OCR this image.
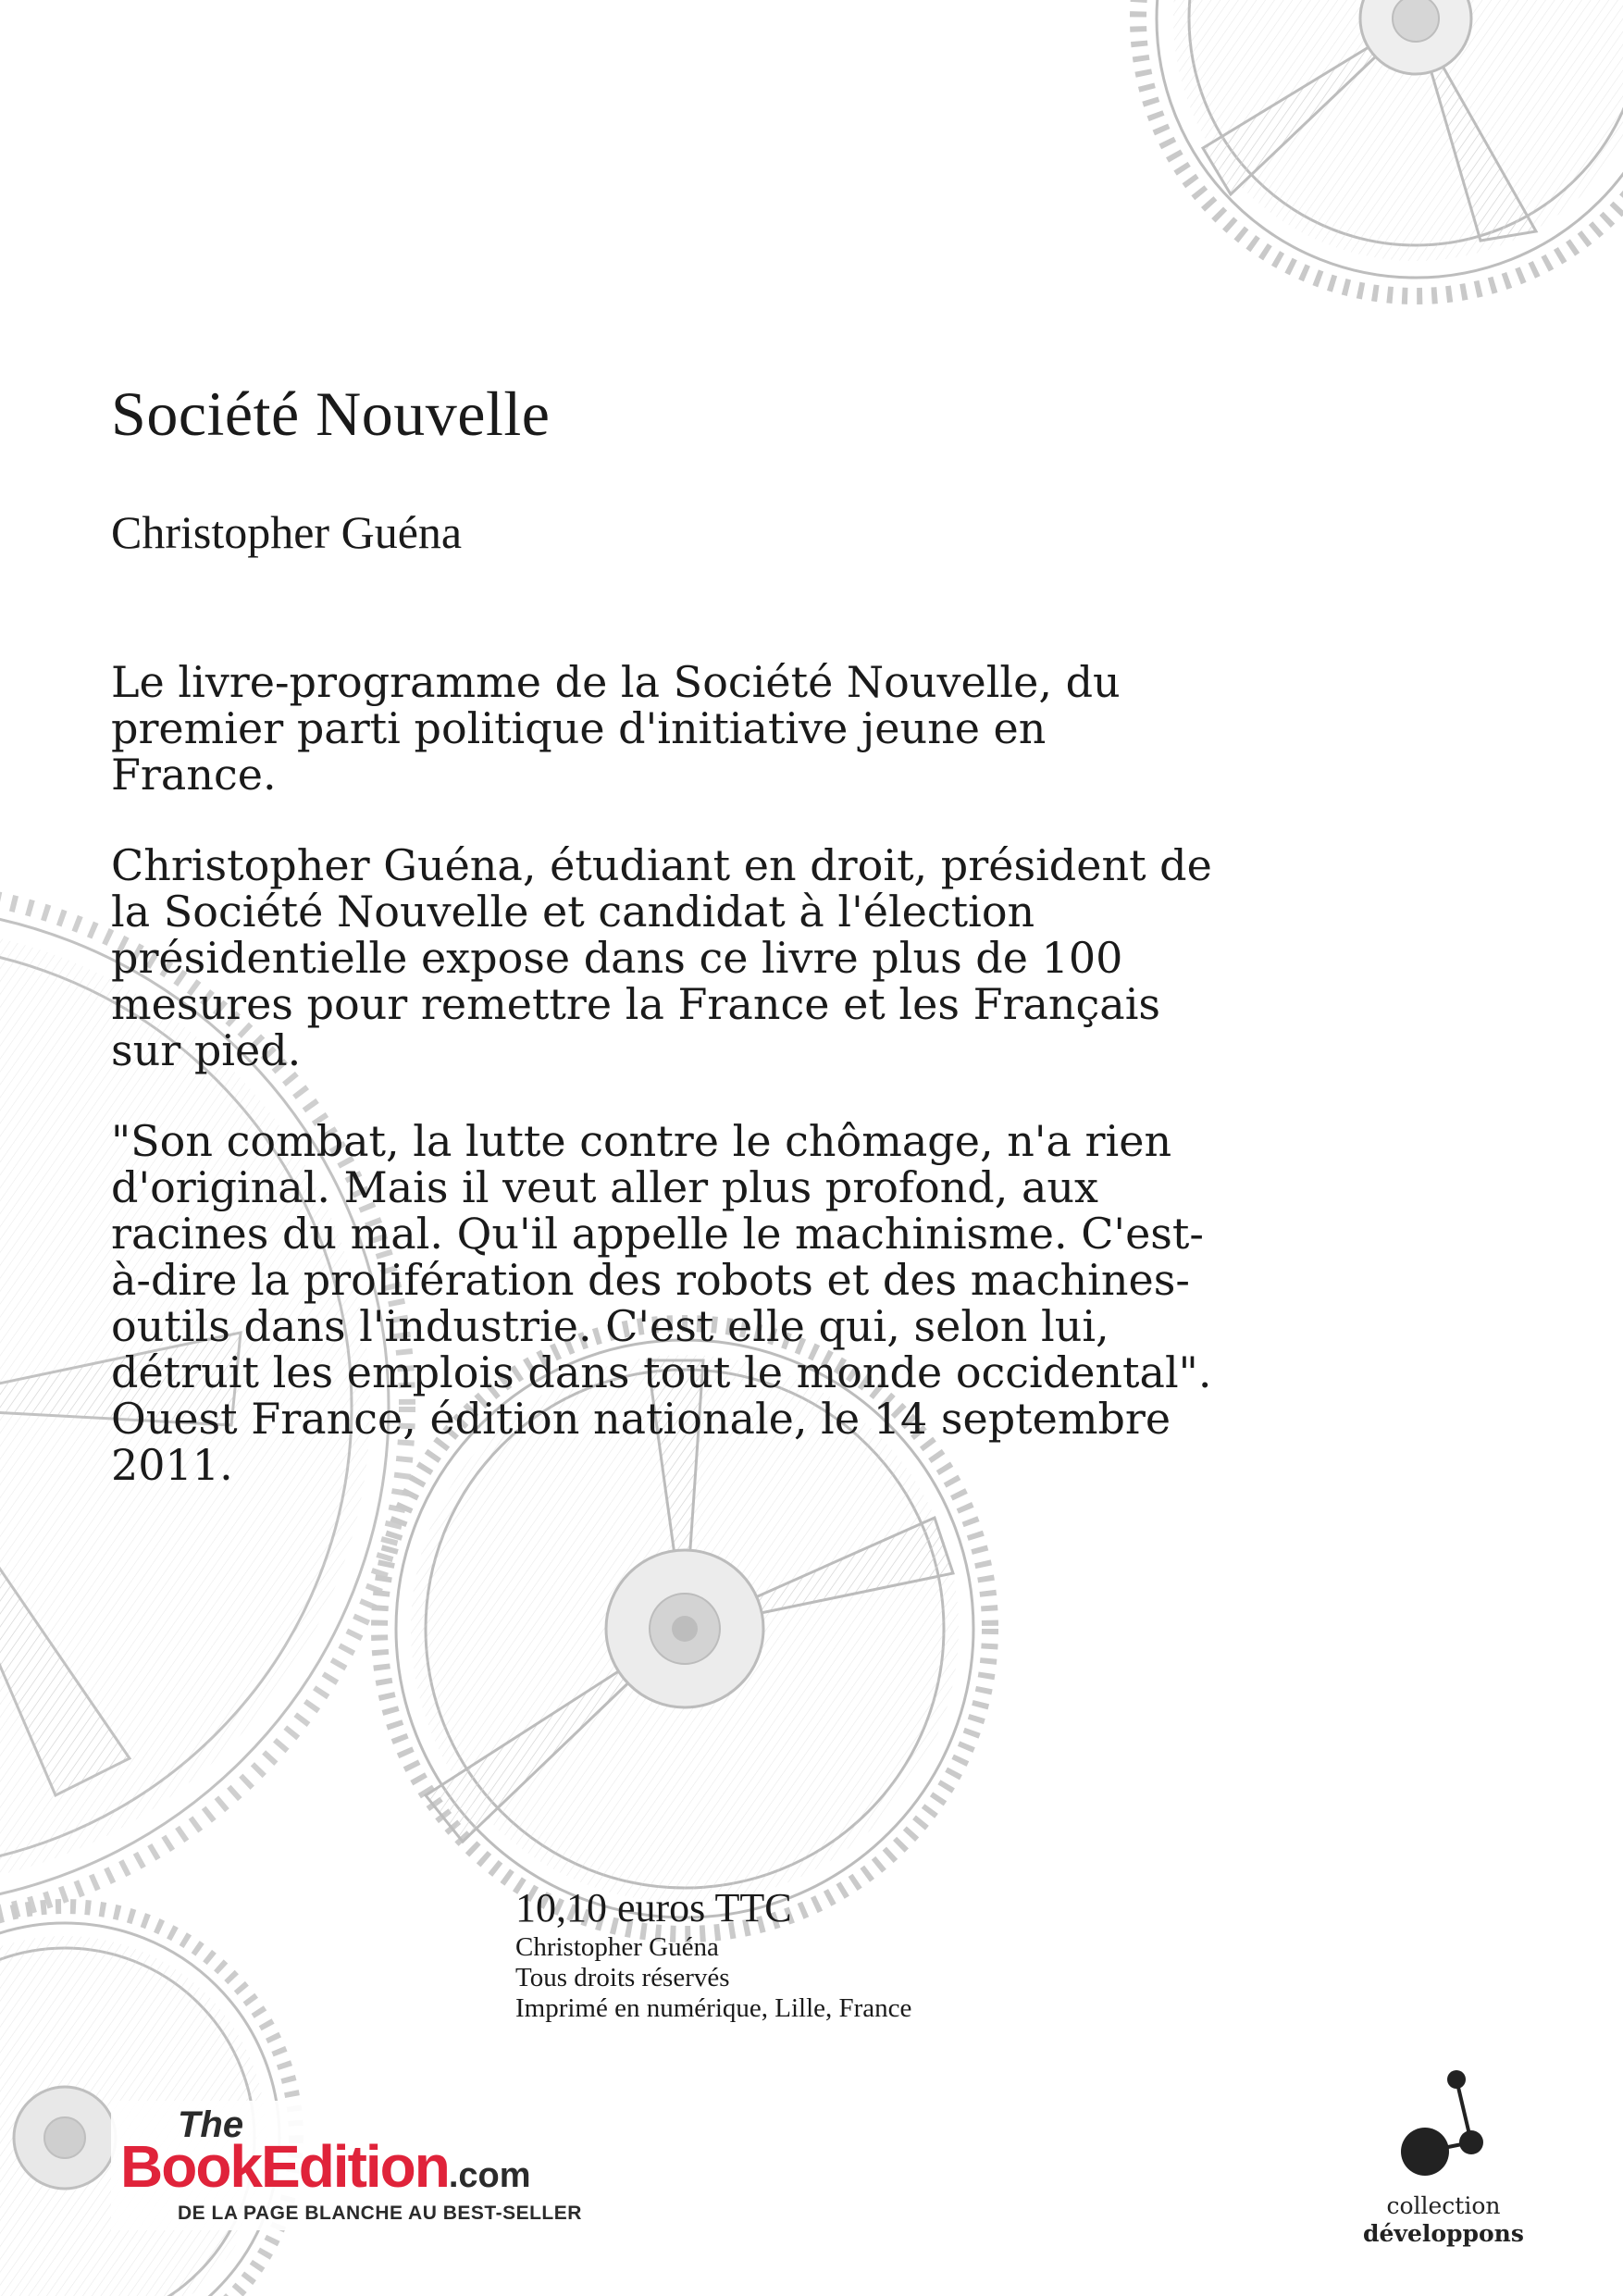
Société Nouvelle

Christopher Guéna

Le livre-programme de la Société Nouvelle, du premier parti politique d'initiative jeune en France.

Christopher Guéna, étudiant en droit, président de la Société Nouvelle et candidat à l'élection présidentielle expose dans ce livre plus de 100 mesures pour remettre la France et les Français sur pied.

"Son combat, la lutte contre le chômage, n'a rien d'original. Mais il veut aller plus profond, aux racines du mal. Qu'il appelle le machinisme. C'est-à-dire la prolifération des robots et des machines-outils dans l'industrie. C'est elle qui, selon lui, détruit les emplois dans tout le monde occidental". Ouest France, édition nationale, le 14 septembre 2011.

10,10 euros TTC
Christopher Guéna
Tous droits réservés
Imprimé en numérique, Lille, France
The
BookEdition.com
DE LA PAGE BLANCHE AU BEST-SELLER	collection
développons
